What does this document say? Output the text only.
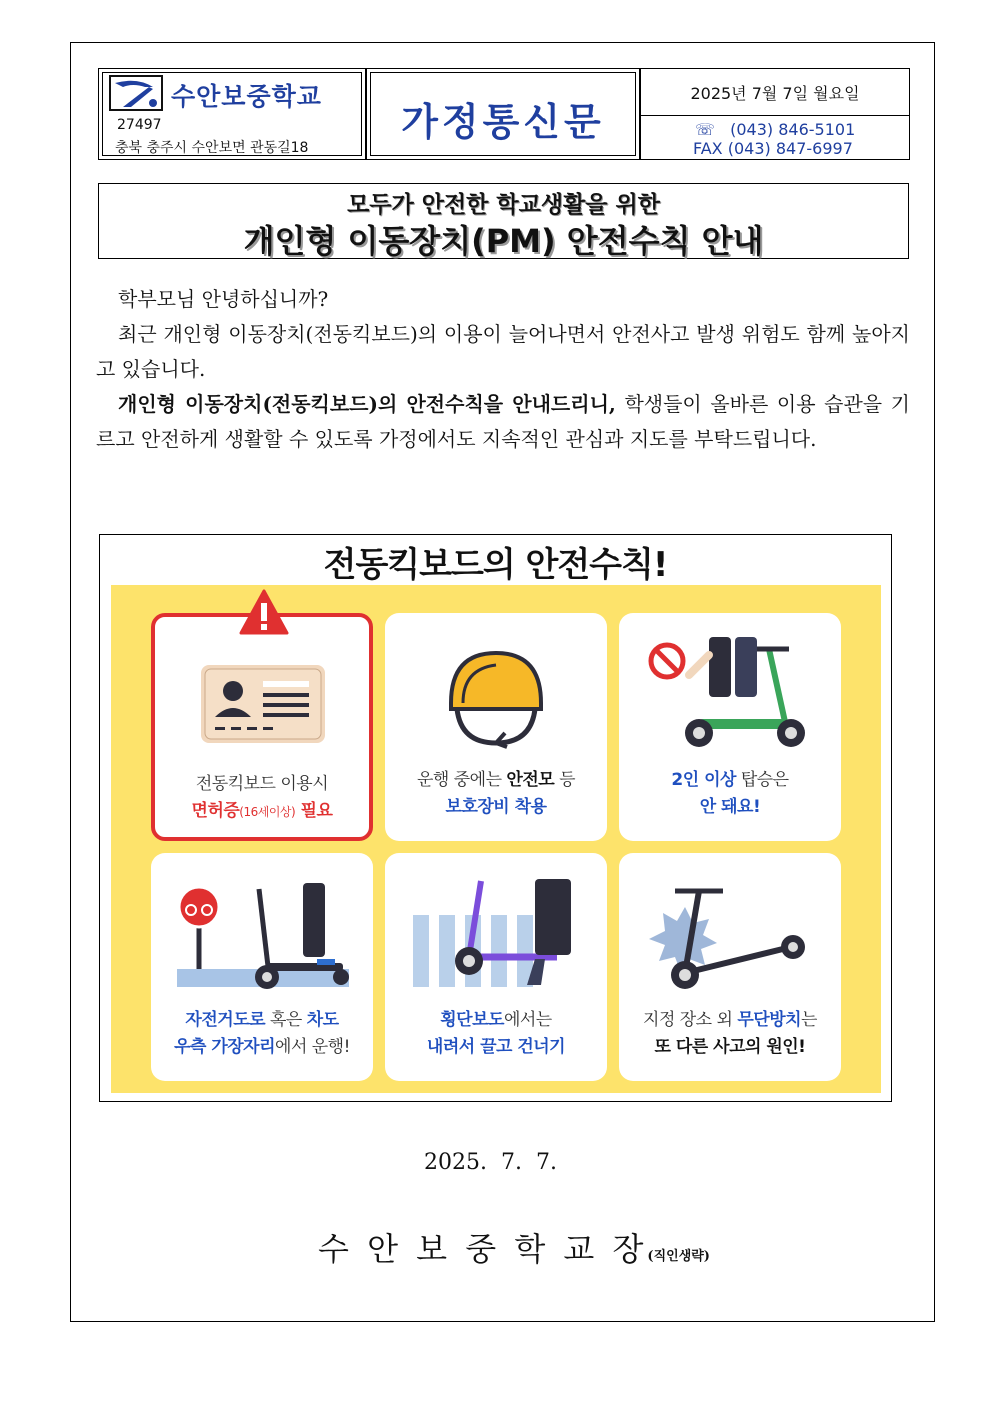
수안보중학교
27497
충북 충주시 수안보면 관동길18
가정통신문
2025년 7월 7일 월요일
☏ (043) 846-5101
FAX (043) 847-6997
모두가 안전한 학교생활을 위한
개인형 이동장치(PM) 안전수칙 안내
학부모님 안녕하십니까?
최근 개인형 이동장치(전동킥보드)의 이용이 늘어나면서 안전사고 발생 위험도 함께 높아지고 있습니다.
개인형 이동장치(전동킥보드)의 안전수칙을 안내드리니, 학생들이 올바른 이용 습관을 기르고 안전하게 생활할 수 있도록 가정에서도 지속적인 관심과 지도를 부탁드립니다.
전동킥보드의 안전수칙!
전동킥보드 이용시
면허증(16세이상) 필요
운행 중에는 안전모 등
보호장비 착용
2인 이상 탑승은
안 돼요!
자전거도로 혹은 차도
우측 가장자리에서 운행!
횡단보도에서는
내려서 끌고 건너기
지정 장소 외 무단방치는
또 다른 사고의 원인!
2025.  7.  7.
수 안 보 중 학 교 장(직인생략)
